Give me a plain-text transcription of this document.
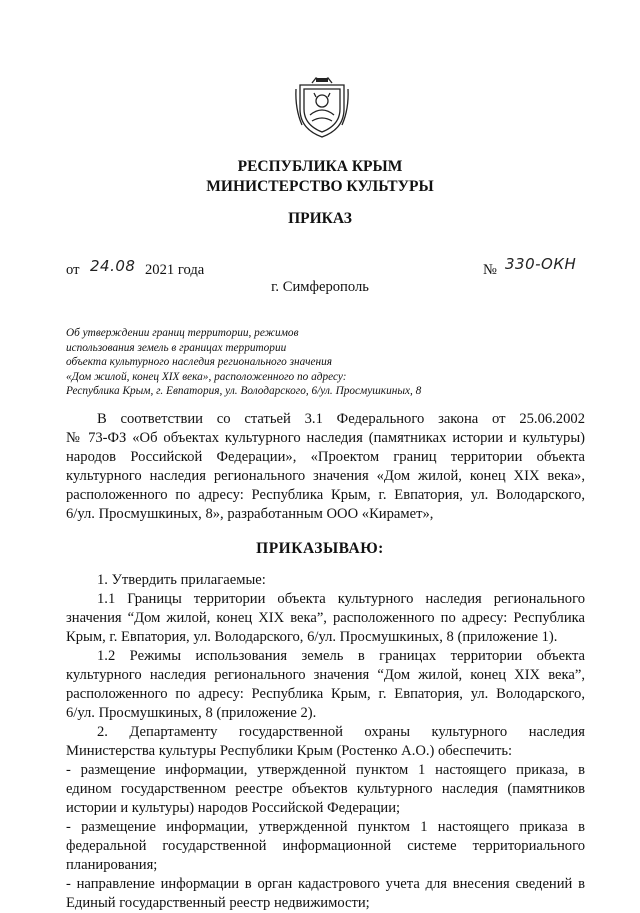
РЕСПУБЛИКА КРЫМ
МИНИСТЕРСТВО КУЛЬТУРЫ
ПРИКАЗ
от 24.08 2021 года	№ 330-ОКН
г. Симферополь
Об утверждении границ территории, режимов
использования земель в границах территории
объекта культурного наследия регионального значения
«Дом жилой, конец XIX века», расположенного по адресу:
Республика Крым, г. Евпатория, ул. Володарского, 6/ул. Просмушкиных, 8
В соответствии со статьей 3.1 Федерального закона от 25.06.2002
№ 73-ФЗ «Об объектах культурного наследия (памятниках истории и культуры)
народов Российской Федерации», «Проектом границ территории объекта
культурного наследия регионального значения «Дом жилой, конец XIX века»,
расположенного по адресу: Республика Крым, г. Евпатория, ул. Володарского,
6/ул. Просмушкиных, 8», разработанным ООО «Кирамет»,
ПРИКАЗЫВАЮ:
1. Утвердить прилагаемые:
1.1 Границы территории объекта культурного наследия регионального
значения “Дом жилой, конец XIX века”, расположенного по адресу: Республика
Крым, г. Евпатория, ул. Володарского, 6/ул. Просмушкиных, 8 (приложение 1).
1.2 Режимы использования земель в границах территории объекта
культурного наследия регионального значения “Дом жилой, конец XIX века”,
расположенного по адресу: Республика Крым, г. Евпатория, ул. Володарского,
6/ул. Просмушкиных, 8 (приложение 2).
2. Департаменту государственной охраны культурного наследия
Министерства культуры Республики Крым (Ростенко А.О.) обеспечить:
- размещение информации, утвержденной пунктом 1 настоящего приказа, в
едином государственном реестре объектов культурного наследия (памятников
истории и культуры) народов Российской Федерации;
- размещение информации, утвержденной пунктом 1 настоящего приказа в
федеральной государственной информационной системе территориального
планирования;
- направление информации в орган кадастрового учета для внесения сведений в
Единый государственный реестр недвижимости;
